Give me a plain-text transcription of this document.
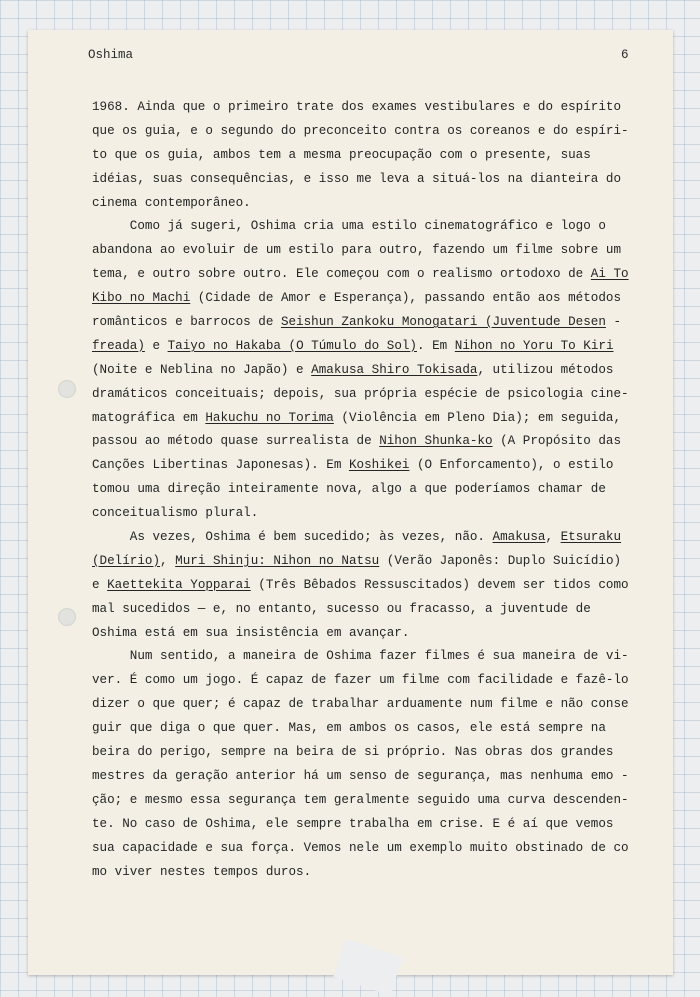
Oshima	6
1968. Ainda que o primeiro trate dos exames vestibulares e do espírito
que os guia, e o segundo do preconceito contra os coreanos e do espíri-
to que os guia, ambos tem a mesma preocupação com o presente, suas
idéias, suas consequências, e isso me leva a situá-los na dianteira do
cinema contemporâneo.
Como já sugeri, Oshima cria uma estilo cinematográfico e logo o
abandona ao evoluir de um estilo para outro, fazendo um filme sobre um
tema, e outro sobre outro. Ele começou com o realismo ortodoxo de Ai To
Kibo no Machi (Cidade de Amor e Esperança), passando então aos métodos
românticos e barrocos de Seishun Zankoku Monogatari (Juventude Desen -
freada) e Taiyo no Hakaba (O Túmulo do Sol). Em Nihon no Yoru To Kiri
(Noite e Neblina no Japão) e Amakusa Shiro Tokisada, utilizou métodos
dramáticos conceituais; depois, sua própria espécie de psicologia cine-
matográfica em Hakuchu no Torima (Violência em Pleno Dia); em seguida,
passou ao método quase surrealista de Nihon Shunka-ko (A Propósito das
Canções Libertinas Japonesas). Em Koshikei (O Enforcamento), o estilo
tomou uma direção inteiramente nova, algo a que poderíamos chamar de
conceitualismo plural.
As vezes, Oshima é bem sucedido; às vezes, não. Amakusa, Etsuraku
(Delírio), Muri Shinju: Nihon no Natsu (Verão Japonês: Duplo Suicídio)
e Kaettekita Yopparai (Três Bêbados Ressuscitados) devem ser tidos como
mal sucedidos — e, no entanto, sucesso ou fracasso, a juventude de
Oshima está em sua insistência em avançar.
Num sentido, a maneira de Oshima fazer filmes é sua maneira de vi-
ver. É como um jogo. É capaz de fazer um filme com facilidade e fazê-lo
dizer o que quer; é capaz de trabalhar arduamente num filme e não conse
guir que diga o que quer. Mas, em ambos os casos, ele está sempre na
beira do perigo, sempre na beira de si próprio. Nas obras dos grandes
mestres da geração anterior há um senso de segurança, mas nenhuma emo -
ção; e mesmo essa segurança tem geralmente seguido uma curva descenden-
te. No caso de Oshima, ele sempre trabalha em crise. E é aí que vemos
sua capacidade e sua força. Vemos nele um exemplo muito obstinado de co
mo viver nestes tempos duros.
